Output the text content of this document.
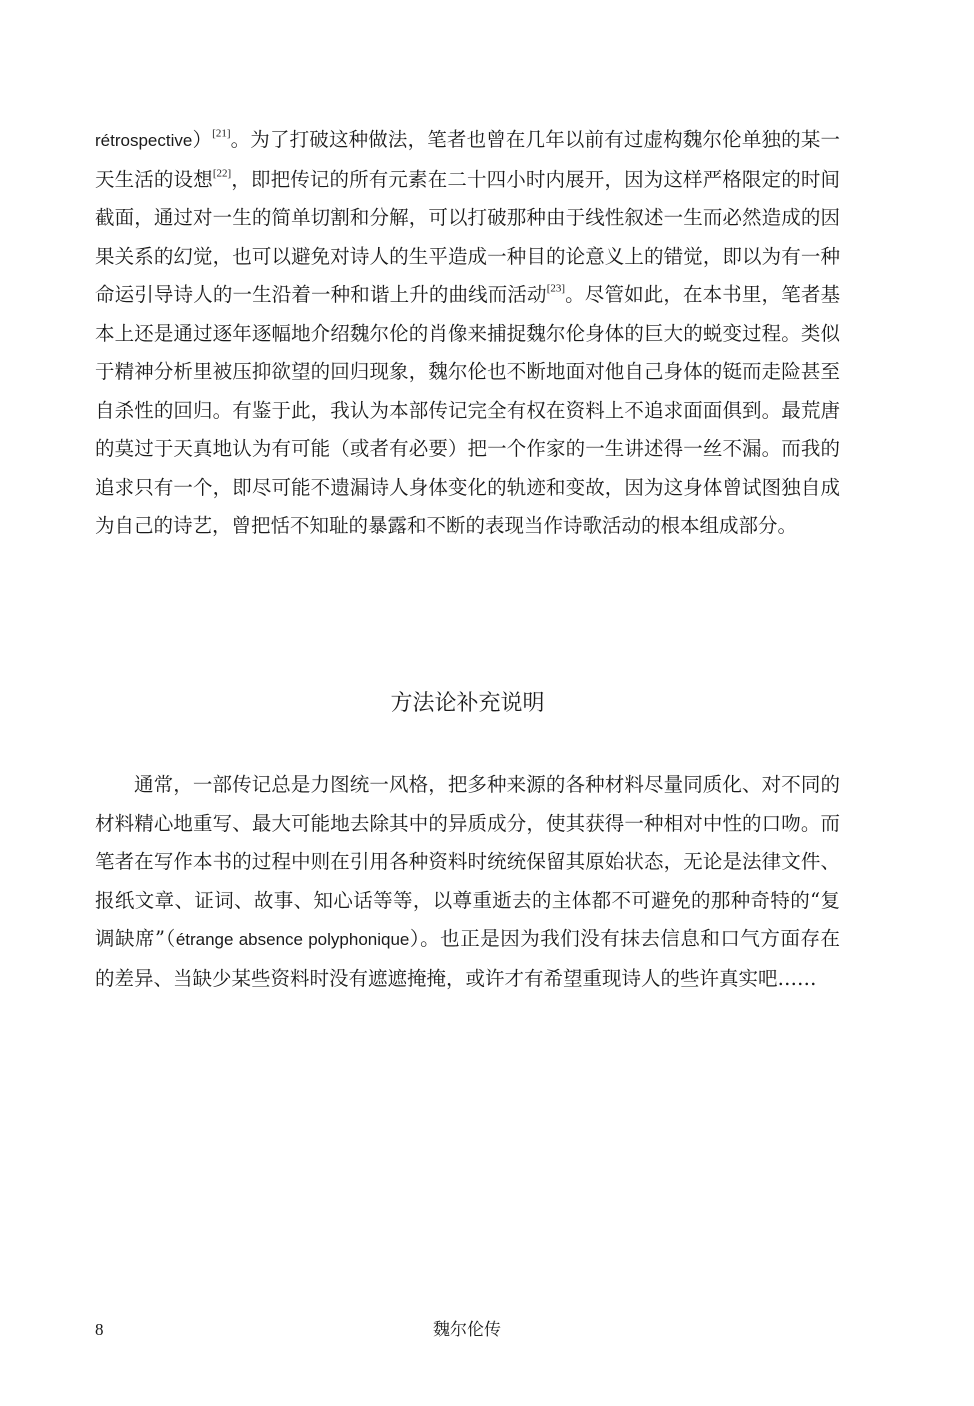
rétrospective）[21]。为了打破这种做法，笔者也曾在几年以前有过虚构魏尔伦单独的某一天生活的设想[22]，即把传记的所有元素在二十四小时内展开，因为这样严格限定的时间截面，通过对一生的简单切割和分解，可以打破那种由于线性叙述一生而必然造成的因果关系的幻觉，也可以避免对诗人的生平造成一种目的论意义上的错觉，即以为有一种命运引导诗人的一生沿着一种和谐上升的曲线而活动[23]。尽管如此，在本书里，笔者基本上还是通过逐年逐幅地介绍魏尔伦的肖像来捕捉魏尔伦身体的巨大的蜕变过程。类似于精神分析里被压抑欲望的回归现象，魏尔伦也不断地面对他自己身体的铤而走险甚至自杀性的回归。有鉴于此，我认为本部传记完全有权在资料上不追求面面俱到。最荒唐的莫过于天真地认为有可能（或者有必要）把一个作家的一生讲述得一丝不漏。而我的追求只有一个，即尽可能不遗漏诗人身体变化的轨迹和变故，因为这身体曾试图独自成为自己的诗艺，曾把恬不知耻的暴露和不断的表现当作诗歌活动的根本组成部分。

方法论补充说明

通常，一部传记总是力图统一风格，把多种来源的各种材料尽量同质化、对不同的材料精心地重写、最大可能地去除其中的异质成分，使其获得一种相对中性的口吻。而笔者在写作本书的过程中则在引用各种资料时统统保留其原始状态，无论是法律文件、报纸文章、证词、故事、知心话等等，以尊重逝去的主体都不可避免的那种奇特的“复调缺席”（étrange absence polyphonique）。也正是因为我们没有抹去信息和口气方面存在的差异、当缺少某些资料时没有遮遮掩掩，或许才有希望重现诗人的些许真实吧……

8	魏尔伦传
